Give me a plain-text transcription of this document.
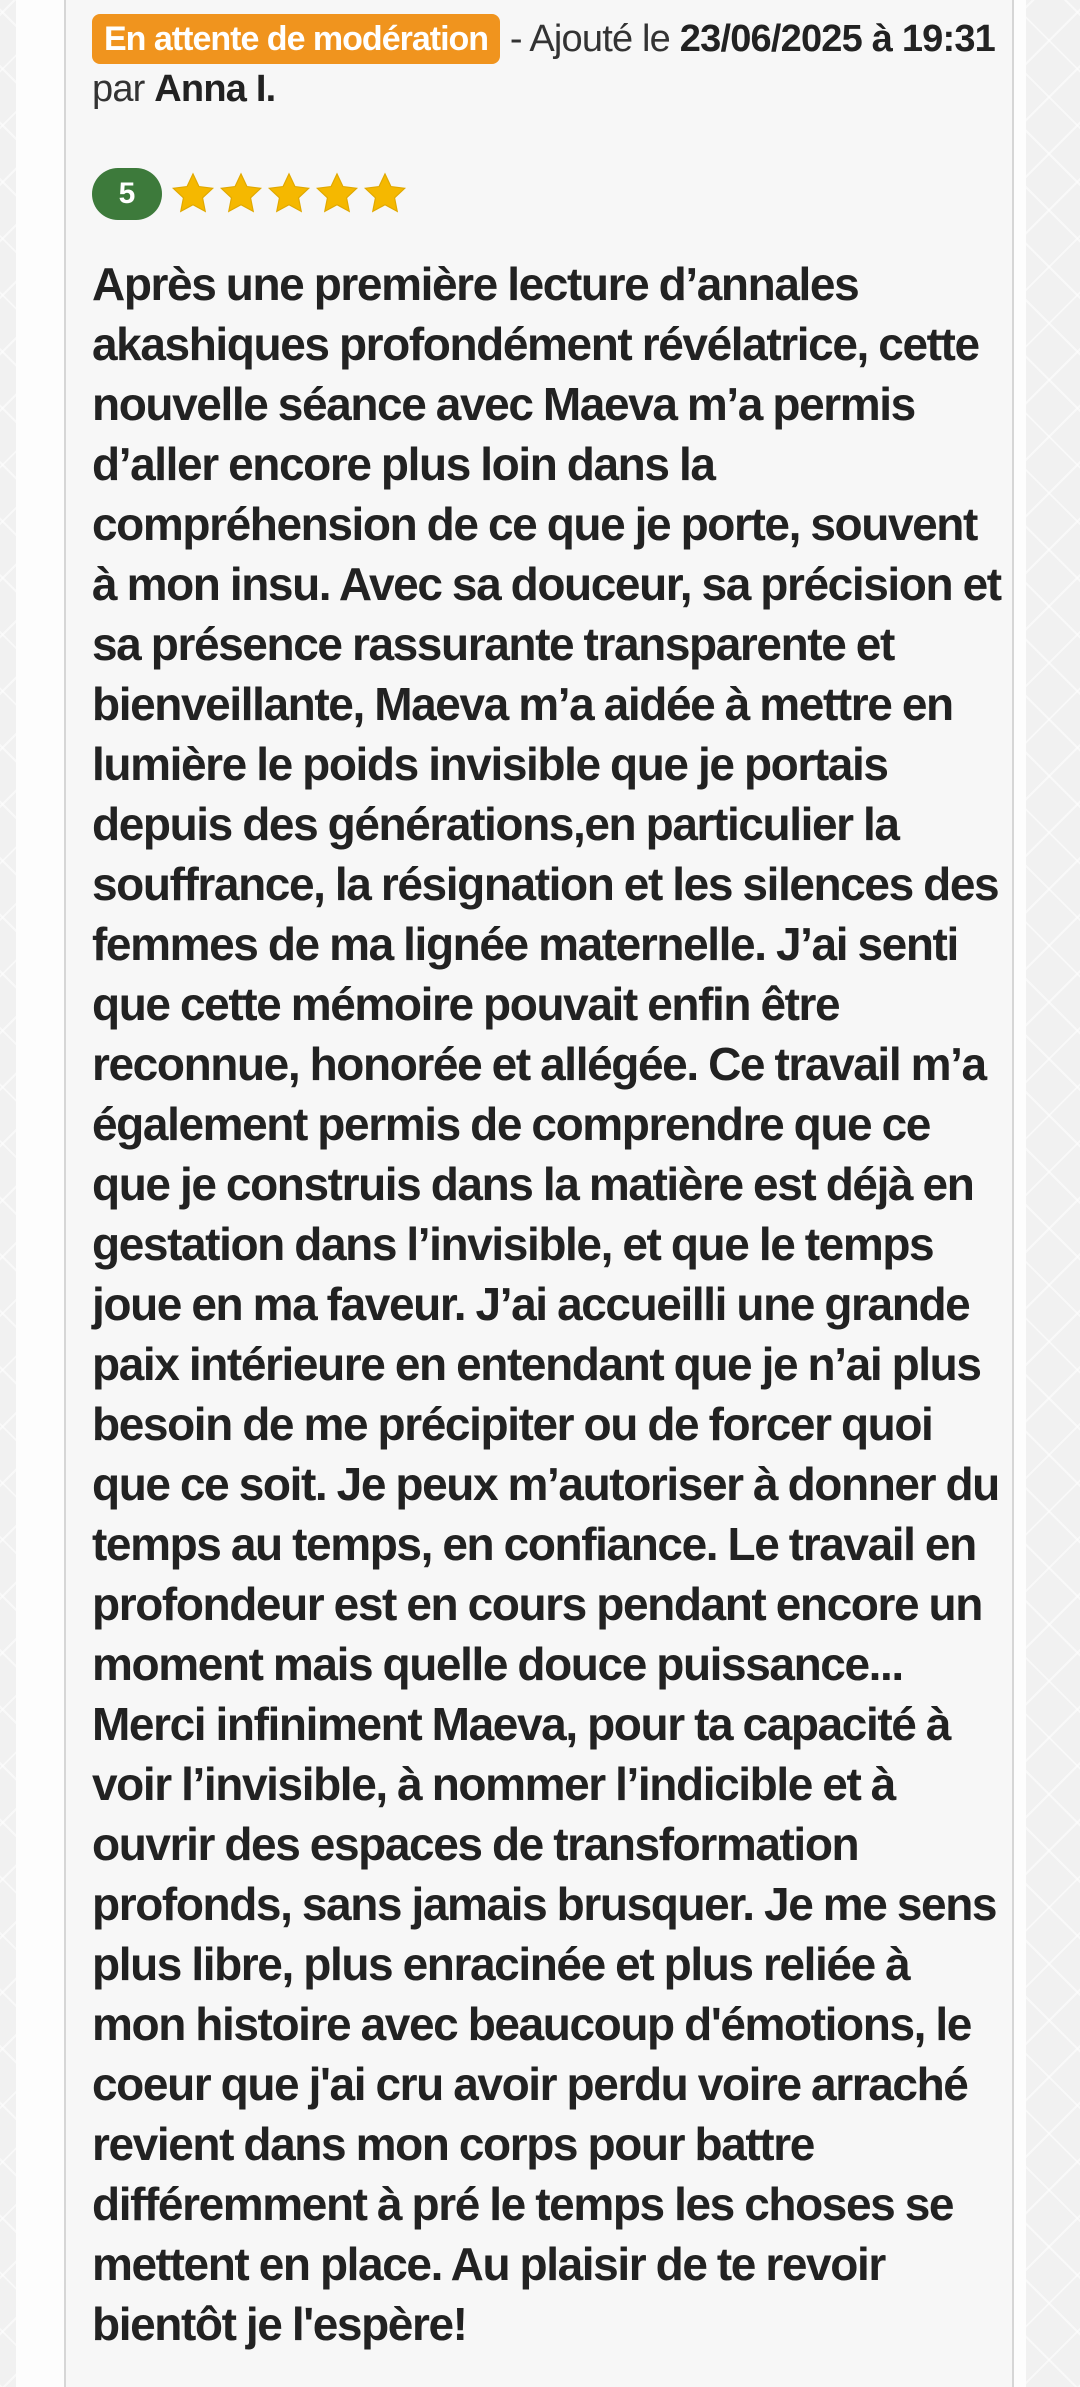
En attente de modération - Ajouté le 23/06/2025 à 19:31 par Anna I.
5

Après une première lecture d’annales akashiques profondément révélatrice, cette nouvelle séance avec Maeva m’a permis d’aller encore plus loin dans la compréhension de ce que je porte, souvent à mon insu. Avec sa douceur, sa précision et sa présence rassurante transparente et bienveillante, Maeva m’a aidée à mettre en lumière le poids invisible que je portais depuis des générations,en particulier la souffrance, la résignation et les silences des femmes de ma lignée maternelle. J’ai senti que cette mémoire pouvait enfin être reconnue, honorée et allégée. Ce travail m’a également permis de comprendre que ce que je construis dans la matière est déjà en gestation dans l’invisible, et que le temps joue en ma faveur. J’ai accueilli une grande paix intérieure en entendant que je n’ai plus besoin de me précipiter ou de forcer quoi que ce soit. Je peux m’autoriser à donner du temps au temps, en confiance. Le travail en profondeur est en cours pendant encore un moment mais quelle douce puissance... Merci infiniment Maeva, pour ta capacité à voir l’invisible, à nommer l’indicible et à ouvrir des espaces de transformation profonds, sans jamais brusquer. Je me sens plus libre, plus enracinée et plus reliée à mon histoire avec beaucoup d'émotions, le coeur que j'ai cru avoir perdu voire arraché revient dans mon corps pour battre différemment à pré le temps les choses se mettent en place. Au plaisir de te revoir bientôt je l'espère!
